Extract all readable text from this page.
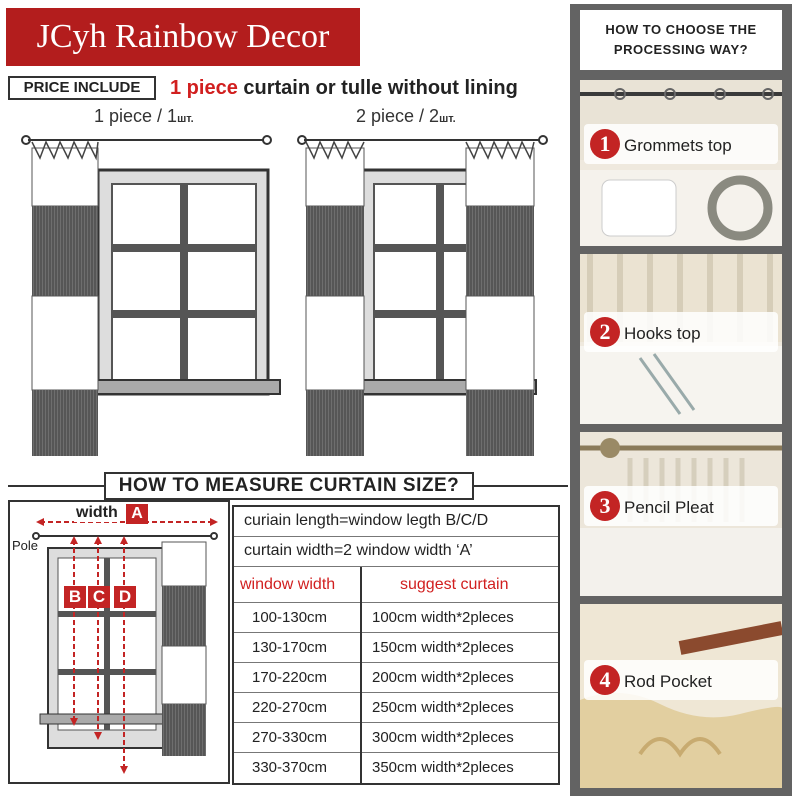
JCyh Rainbow Decor
PRICE INCLUDE	1 piece curtain or tulle without lining
1 piece / 1шт.	2 piece / 2шт.
HOW TO MEASURE CURTAIN SIZE?
width A
Pole
B C D
curiain length=window legth B/C/D
curtain width=2 window width ‘A’
window width	suggest curtain
100-130cm	100cm width*2pleces
130-170cm	150cm width*2pleces
170-220cm	200cm width*2pleces
220-270cm	250cm width*2pleces
270-330cm	300cm width*2pleces
330-370cm	350cm width*2pleces
HOW TO CHOOSE THE
PROCESSING WAY?
1 Grommets top
2 Hooks top
3 Pencil Pleat
4 Rod Pocket
